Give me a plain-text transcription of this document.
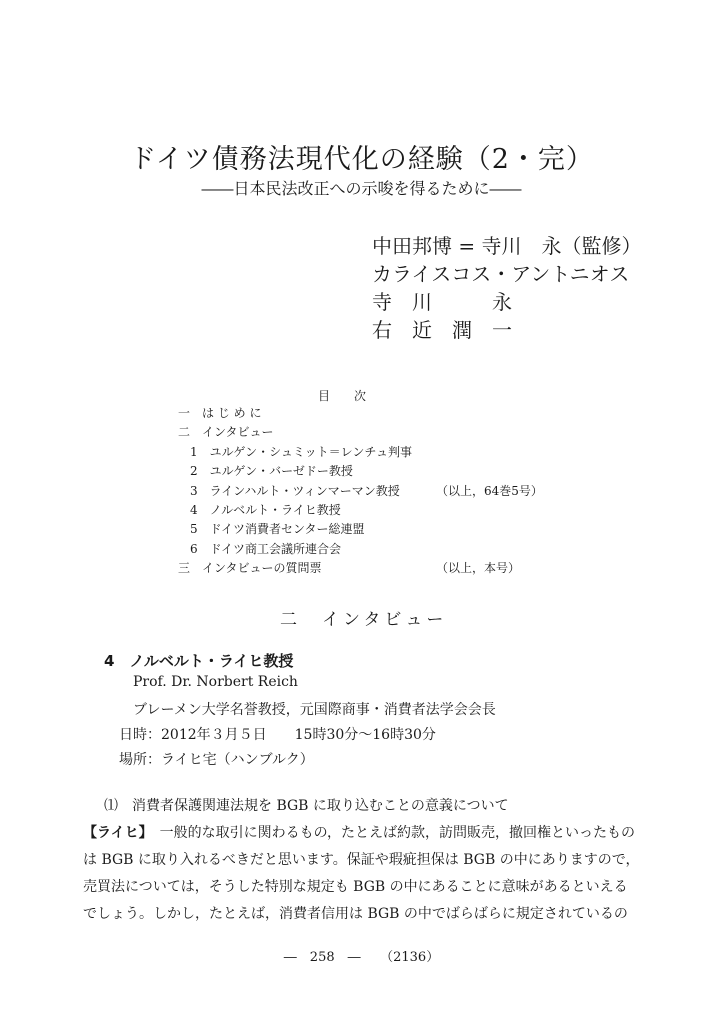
ドイツ債務法現代化の経験（2・完）
――日本民法改正への示唆を得るために――
中田邦博 = 寺川　永（監修）
カライスコス・アントニオス
寺　川　　　永
右　近　潤　一
目　　次
一　は じ め に
二　インタビュー
　1　ユルゲン・シュミット＝レンチュ判事
　2　ユルゲン・バーゼドー教授
　3　ラインハルト・ツィンマーマン教授	（以上，64巻5号）
　4　ノルベルト・ライヒ教授
　5　ドイツ消費者センター総連盟
　6　ドイツ商工会議所連合会
三　インタビューの質問票	（以上，本号）
二　インタビュー
4　ノルベルト・ライヒ教授
Prof. Dr. Norbert Reich
ブレーメン大学名誉教授，元国際商事・消費者法学会会長
日時：2012年３月５日　　15時30分～16時30分
場所：ライヒ宅（ハンブルク）
⑴　消費者保護関連法規を BGB に取り込むことの意義について
【ライヒ】　 一般的な取引に関わるもの，たとえば約款，訪問販売，撤回権といったもの
は BGB に取り入れるべきだと思います。保証や瑕疵担保は BGB の中にありますので，
売買法については，そうした特別な規定も BGB の中にあることに意味があるといえる
でしょう。しかし，たとえば，消費者信用は BGB の中でばらばらに規定されているの
―　258　―　　（2136）
